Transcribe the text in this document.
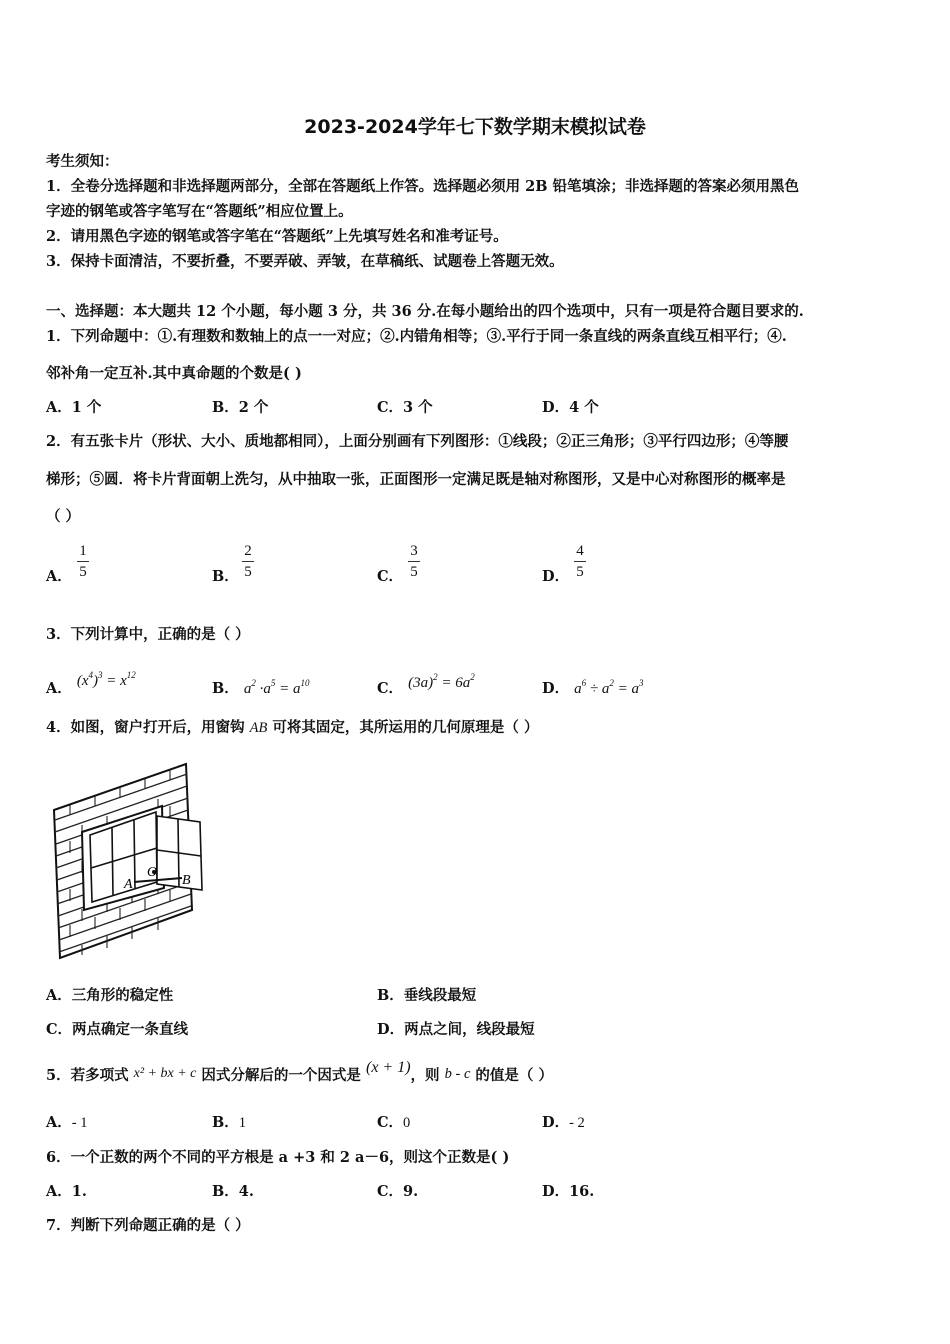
2023-2024学年七下数学期末模拟试卷
考生须知：
1．全卷分选择题和非选择题两部分，全部在答题纸上作答。选择题必须用 2B 铅笔填涂；非选择题的答案必须用黑色
字迹的钢笔或答字笔写在“答题纸”相应位置上。
2．请用黑色字迹的钢笔或答字笔在“答题纸”上先填写姓名和准考证号。
3．保持卡面清洁，不要折叠，不要弄破、弄皱，在草稿纸、试题卷上答题无效。
一、选择题：本大题共 12 个小题，每小题 3 分，共 36 分.在每小题给出的四个选项中，只有一项是符合题目要求的.
1．下列命题中：①.有理数和数轴上的点一一对应；②.内错角相等；③.平行于同一条直线的两条直线互相平行；④.
邻补角一定互补.其中真命题的个数是( )
A．1 个	B．2 个	C．3 个	D．4 个
2．有五张卡片（形状、大小、质地都相同），上面分别画有下列图形：①线段；②正三角形；③平行四边形；④等腰
梯形；⑤圆．将卡片背面朝上洗匀，从中抽取一张，正面图形一定满足既是轴对称图形，又是中心对称图形的概率是
（ ）
A．
1
5	B．
2
5	C．
3
5	D．
4
5
3．下列计算中，正确的是（ ）
A． $(x^4)^3 = x^{12}$
B． $a^2 \cdot a^5 = a^{10}$	C． $(3a)^2 = 6a^2$
D． $a^6 \div a^2 = a^3$
4．如图，窗户打开后，用窗钩 AB 可将其固定，其所运用的几何原理是（ ）
A
O
B
A．三角形的稳定性	B．垂线段最短
C．两点确定一条直线	D．两点之间，线段最短
5．若多项式 x² + bx + c 因式分解后的一个因式是 (x + 1)，则 b - c 的值是（ ）
A．- 1	B．1	C．0	D．- 2
6．一个正数的两个不同的平方根是 a +3 和 2 a－6，则这个正数是( )
A．1.	B．4.	C．9.	D．16.
7．判断下列命题正确的是（ ）
